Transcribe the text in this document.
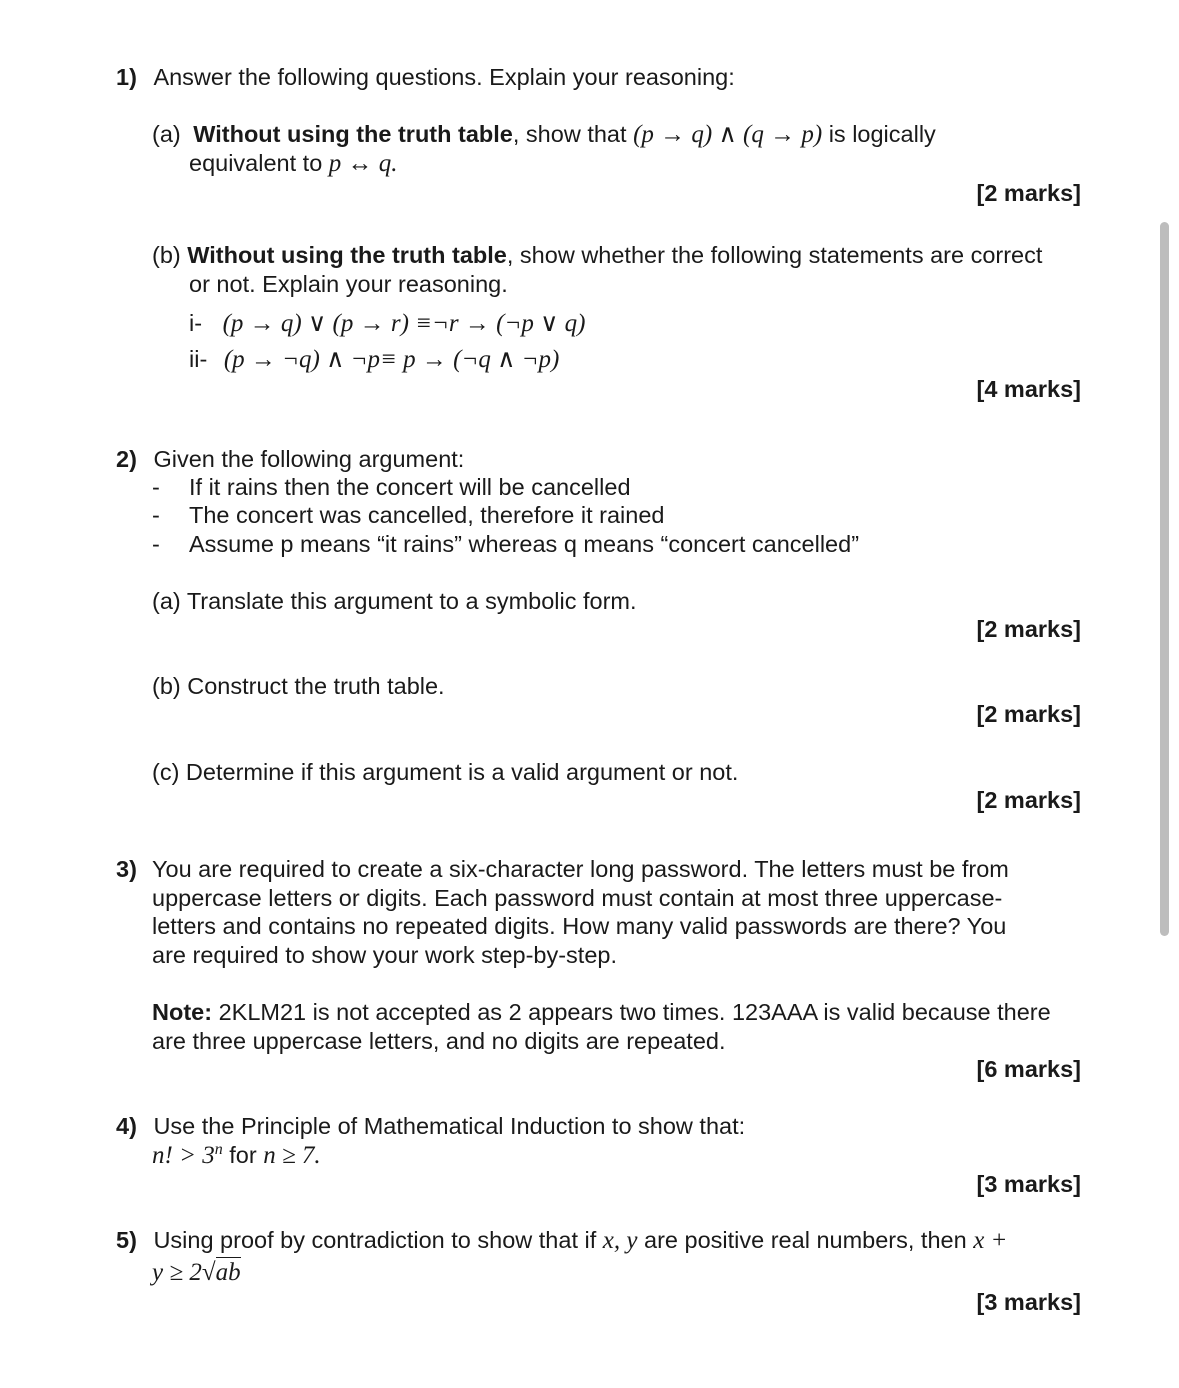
1) Answer the following questions. Explain your reasoning:
(a) Without using the truth table, show that (p → q) ∧ (q → p) is logically
equivalent to p ↔ q.
[2 marks]
(b) Without using the truth table, show whether the following statements are correct
or not. Explain your reasoning.
i- (p → q) ∨ (p → r) ≡¬r → (¬p ∨ q)
ii- (p → ¬q) ∧ ¬p≡ p → (¬q ∧ ¬p)
[4 marks]
2) Given the following argument:
- If it rains then the concert will be cancelled
- The concert was cancelled, therefore it rained
- Assume p means “it rains” whereas q means “concert cancelled”
(a) Translate this argument to a symbolic form.
[2 marks]
(b) Construct the truth table.
[2 marks]
(c) Determine if this argument is a valid argument or not.
[2 marks]
3) You are required to create a six-character long password. The letters must be from
uppercase letters or digits. Each password must contain at most three uppercase-
letters and contains no repeated digits. How many valid passwords are there? You
are required to show your work step-by-step.
Note: 2KLM21 is not accepted as 2 appears two times. 123AAA is valid because there
are three uppercase letters, and no digits are repeated.
[6 marks]
4) Use the Principle of Mathematical Induction to show that:
n! > $3^n$ for n ≥ 7.
[3 marks]
5) Using proof by contradiction to show that if x, y are positive real numbers, then x +
y ≥ 2√ab
[3 marks]
